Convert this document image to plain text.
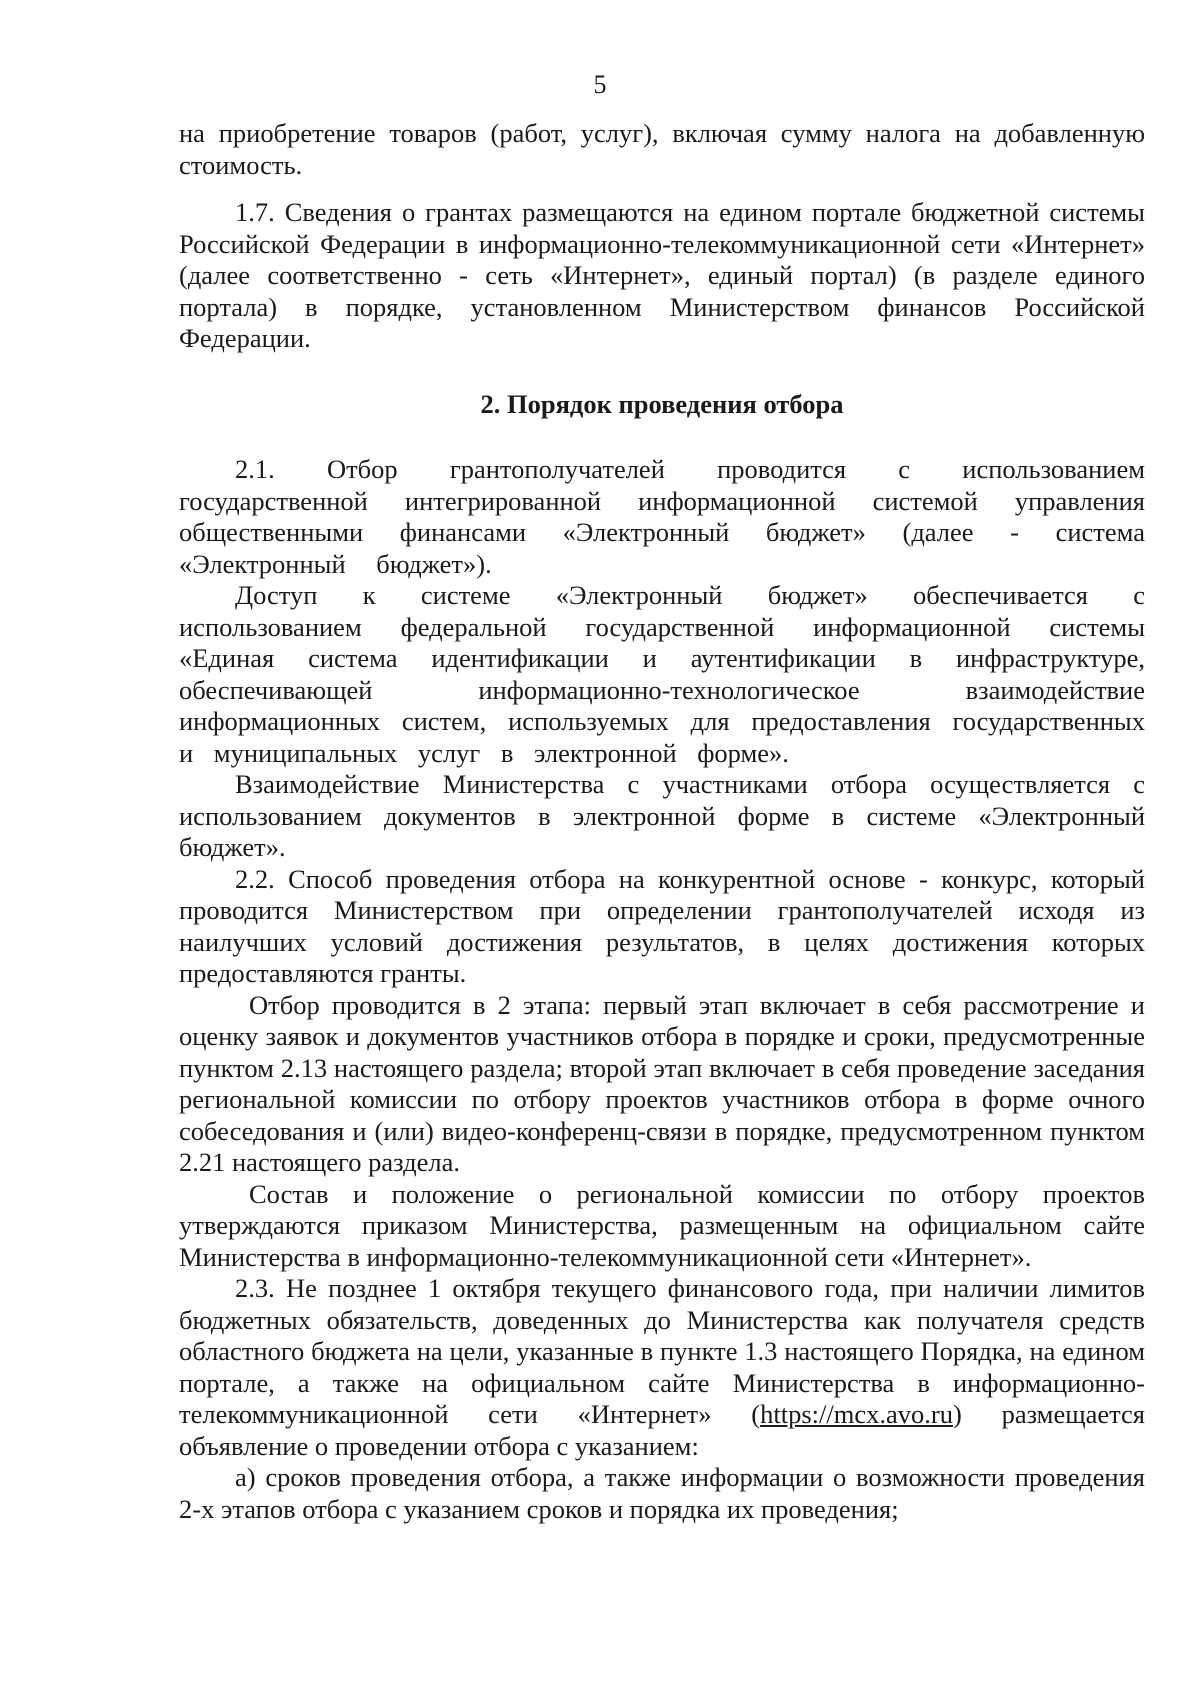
5

на приобретение товаров (работ, услуг), включая сумму налога на добавленную стоимость.

1.7. Сведения о грантах размещаются на едином портале бюджетной системы Российской Федерации в информационно-телекоммуникационной сети «Интернет» (далее соответственно - сеть «Интернет», единый портал) (в разделе единого портала) в порядке, установленном Министерством финансов Российской Федерации.

2. Порядок проведения отбора

2.1. Отбор грантополучателей проводится с использованием государственной интегрированной информационной системой управления общественными финансами «Электронный бюджет» (далее - система «Электронный бюджет»).

Доступ к системе «Электронный бюджет» обеспечивается с использованием федеральной государственной информационной системы «Единая система идентификации и аутентификации в инфраструктуре, обеспечивающей информационно-технологическое взаимодействие информационных систем, используемых для предоставления государственных и муниципальных услуг в электронной форме».

Взаимодействие Министерства с участниками отбора осуществляется с использованием документов в электронной форме в системе «Электронный бюджет».

2.2. Способ проведения отбора на конкурентной основе - конкурс, который проводится Министерством при определении грантополучателей исходя из наилучших условий достижения результатов, в целях достижения которых предоставляются гранты.

Отбор проводится в 2 этапа: первый этап включает в себя рассмотрение и оценку заявок и документов участников отбора в порядке и сроки, предусмотренные пунктом 2.13 настоящего раздела; второй этап включает в себя проведение заседания региональной комиссии по отбору проектов участников отбора в форме очного собеседования и (или) видео-конференц-связи в порядке, предусмотренном пунктом 2.21 настоящего раздела.

Состав и положение о региональной комиссии по отбору проектов утверждаются приказом Министерства, размещенным на официальном сайте Министерства в информационно-телекоммуникационной сети «Интернет».

2.3. Не позднее 1 октября текущего финансового года, при наличии лимитов бюджетных обязательств, доведенных до Министерства как получателя средств областного бюджета на цели, указанные в пункте 1.3 настоящего Порядка, на едином портале, а также на официальном сайте Министерства в информационно-телекоммуникационной сети «Интернет» (https://mcx.avo.ru) размещается объявление о проведении отбора с указанием:

а) сроков проведения отбора, а также информации о возможности проведения 2-х этапов отбора с указанием сроков и порядка их проведения;
